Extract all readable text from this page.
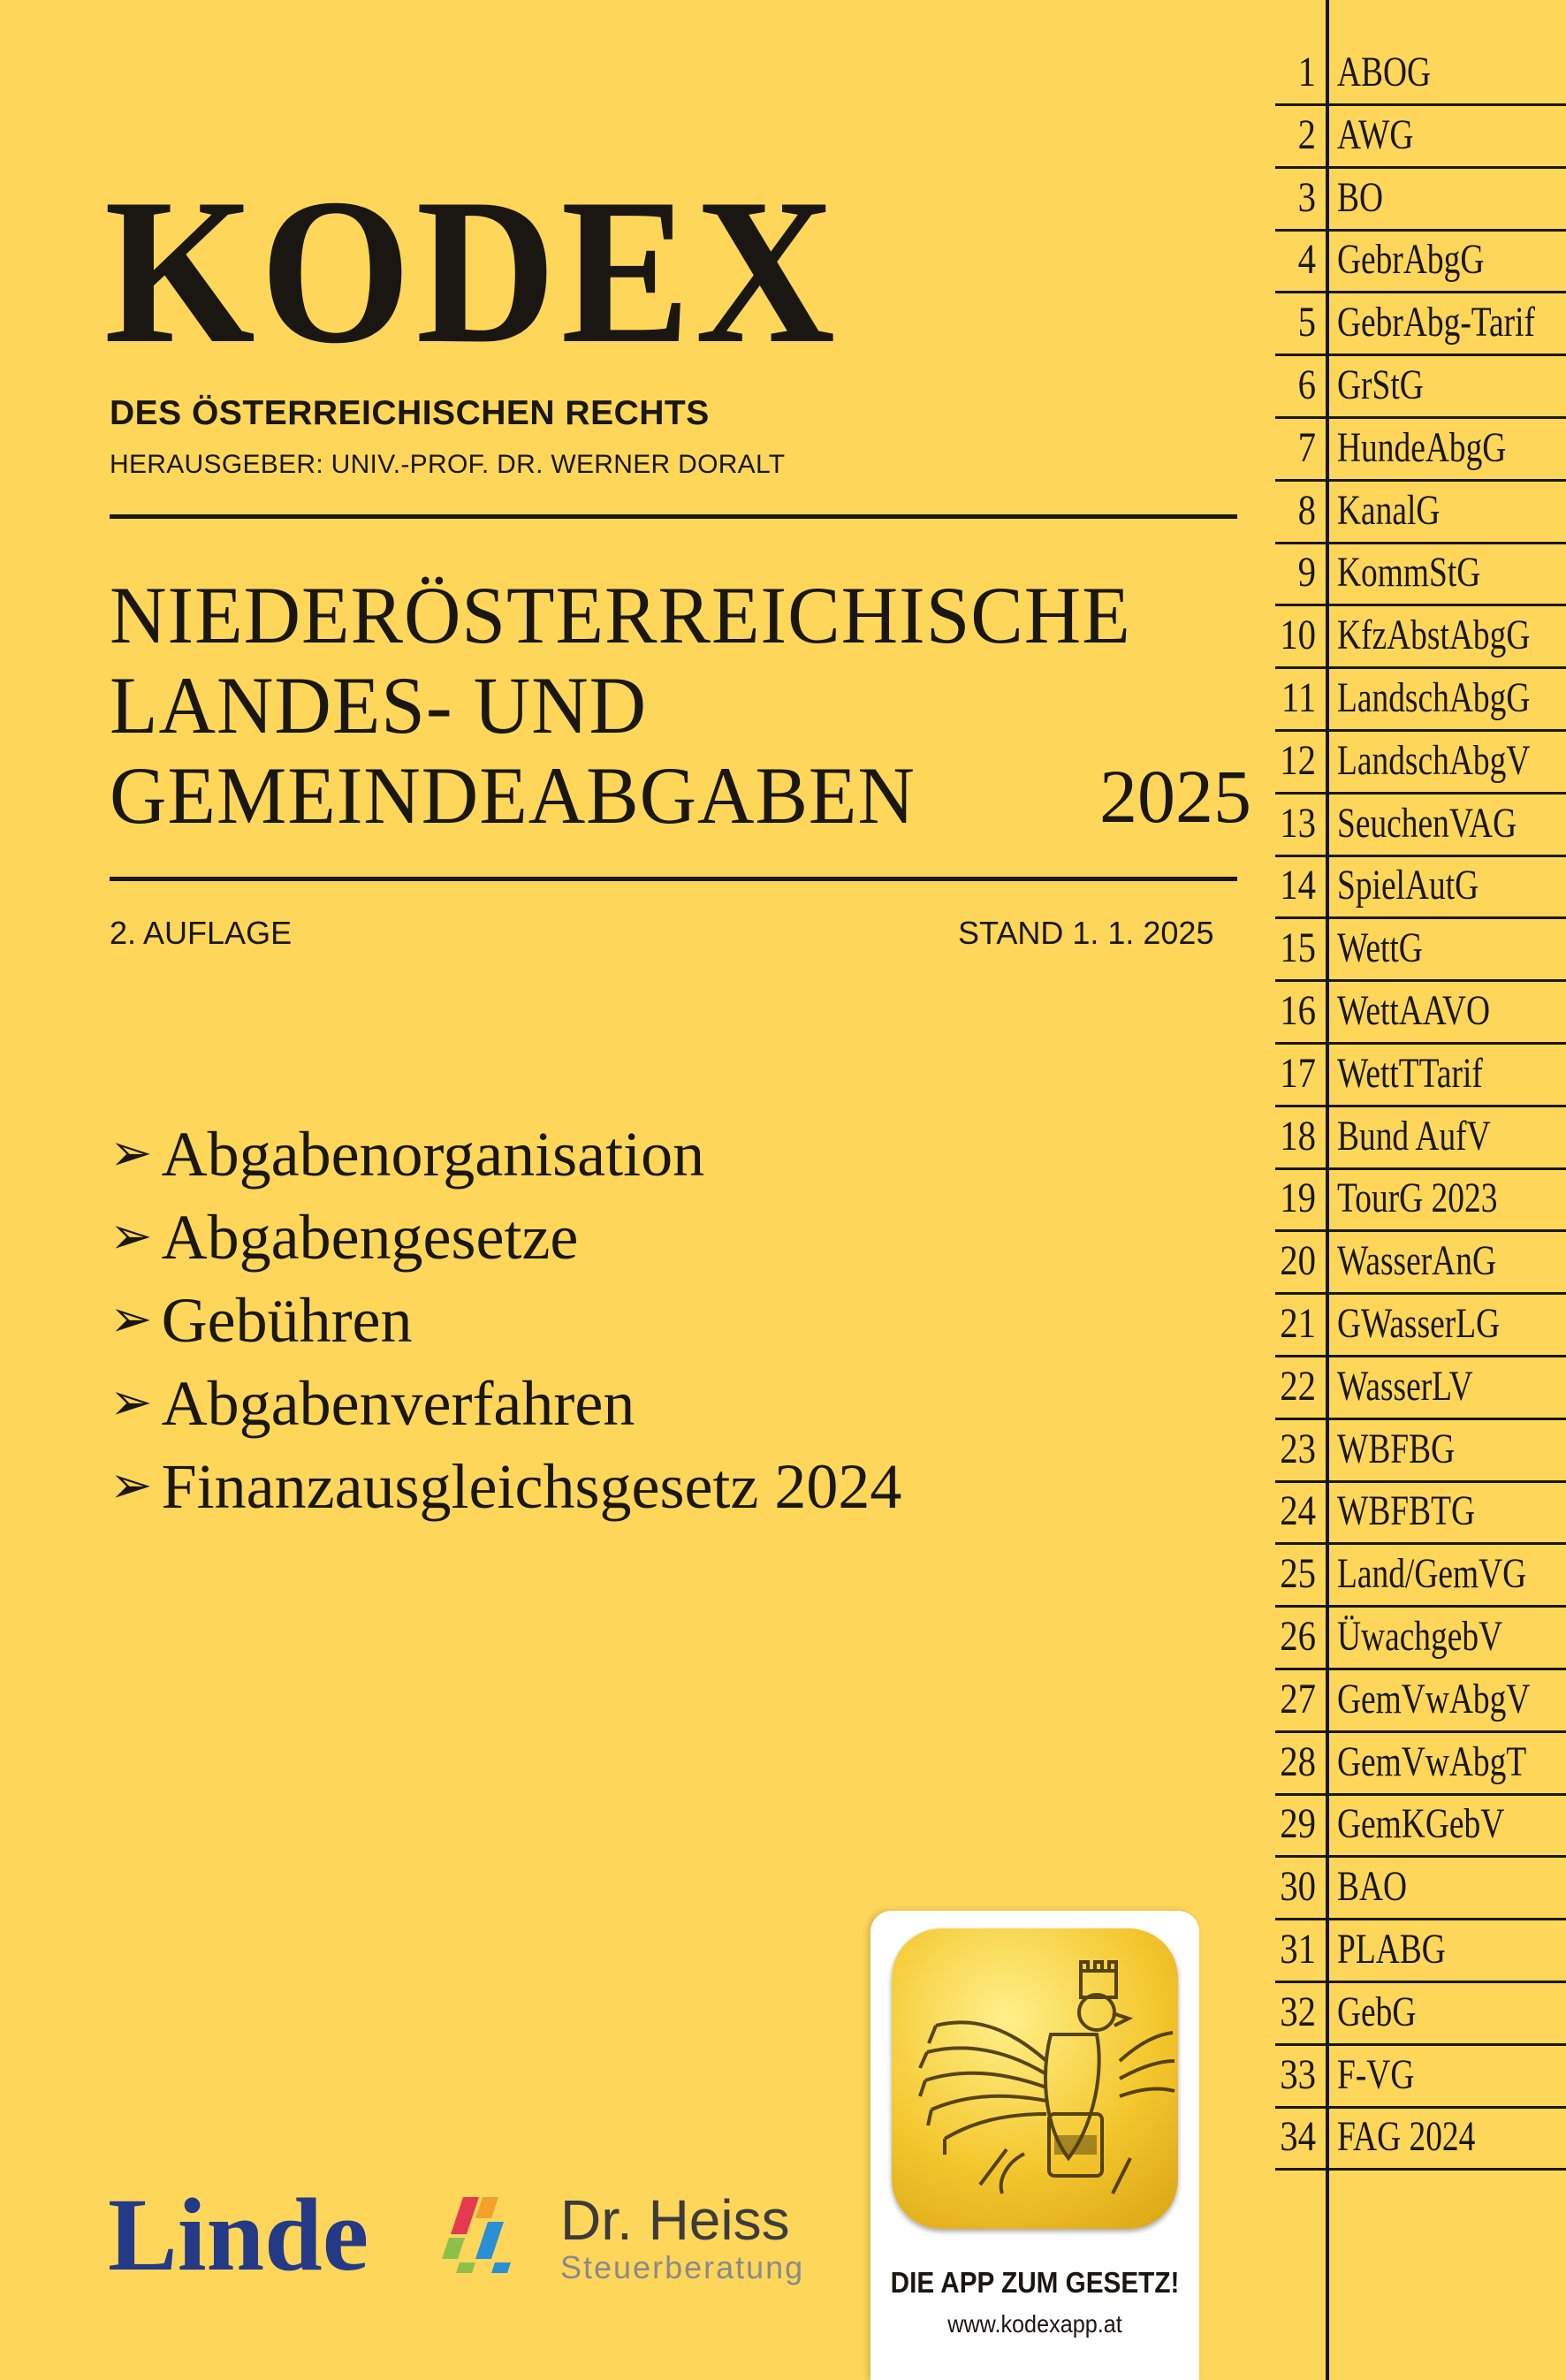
KODEX
DES ÖSTERREICHISCHEN RECHTS
HERAUSGEBER: UNIV.-PROF. DR. WERNER DORALT
NIEDERÖSTERREICHISCHE
LANDES- UND
GEMEINDEABGABEN 2025
2. AUFLAGE	STAND 1. 1. 2025
➢ Abgabenorganisation
➢ Abgabengesetze
➢ Gebühren
➢ Abgabenverfahren
➢ Finanzausgleichsgesetz 2024
1 ABOG
2 AWG
3 BO
4 GebrAbgG
5 GebrAbg-Tarif
6 GrStG
7 HundeAbgG
8 KanalG
9 KommStG
10 KfzAbstAbgG
11 LandschAbgG
12 LandschAbgV
13 SeuchenVAG
14 SpielAutG
15 WettG
16 WettAAVO
17 WettTTarif
18 Bund AufV
19 TourG 2023
20 WasserAnG
21 GWasserLG
22 WasserLV
23 WBFBG
24 WBFBTG
25 Land/GemVG
26 ÜwachgebV
27 GemVwAbgV
28 GemVwAbgT
29 GemKGebV
30 BAO
31 PLABG
32 GebG
33 F-VG
34 FAG 2024
Linde	Dr. Heiss
Steuerberatung	DIE APP ZUM GESETZ!
www.kodexapp.at
